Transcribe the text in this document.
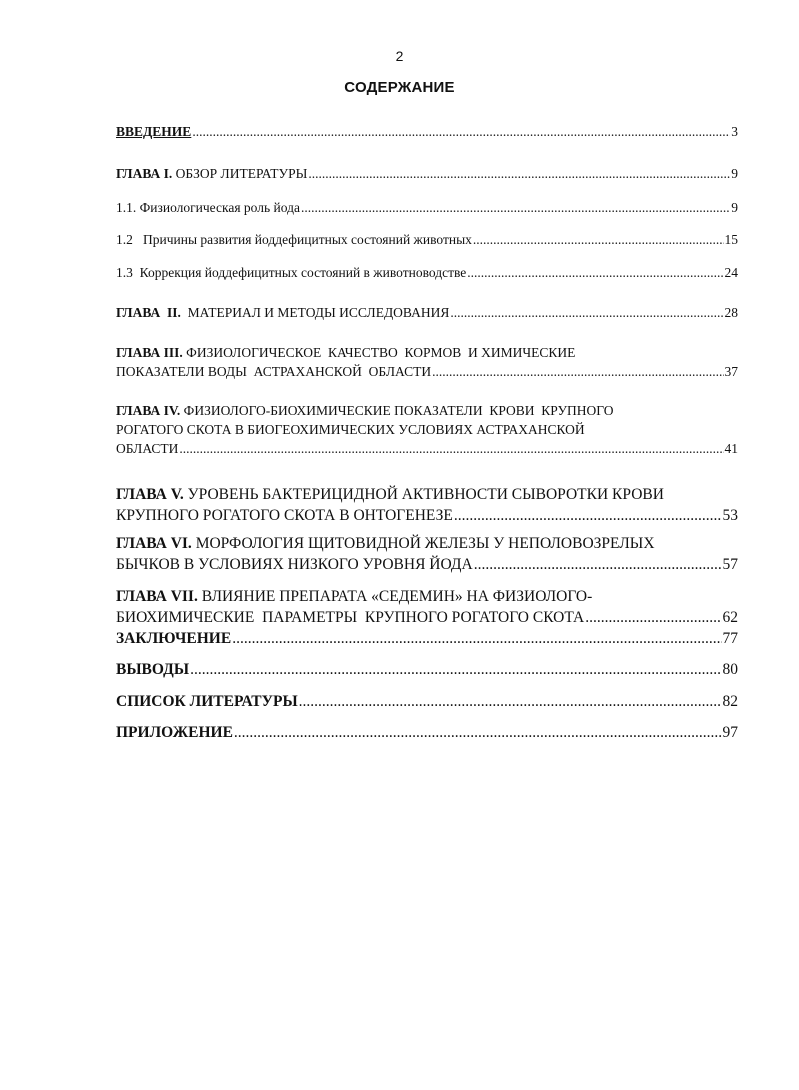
2
СОДЕРЖАНИЕ
ВВЕДЕНИЕ .....	3
ГЛАВА I. ОБЗОР ЛИТЕРАТУРЫ .....	9
1.1. Физиологическая роль йода .....	9
1.2   Причины развития йоддефицитных состояний животных .....	15
1.3  Коррекция йоддефицитных состояний в животноводстве .....	24
ГЛАВА  II.  МАТЕРИАЛ И МЕТОДЫ ИССЛЕДОВАНИЯ .....	28
ГЛАВА III. ФИЗИОЛОГИЧЕСКОЕ  КАЧЕСТВО  КОРМОВ  И ХИМИЧЕСКИЕ
ПОКАЗАТЕЛИ ВОДЫ  АСТРАХАНСКОЙ  ОБЛАСТИ .....	37
ГЛАВА IV. ФИЗИОЛОГО-БИОХИМИЧЕСКИЕ ПОКАЗАТЕЛИ  КРОВИ  КРУПНОГО
РОГАТОГО СКОТА В БИОГЕОХИМИЧЕСКИХ УСЛОВИЯХ АСТРАХАНСКОЙ
ОБЛАСТИ .....	41
ГЛАВА V. УРОВЕНЬ БАКТЕРИЦИДНОЙ АКТИВНОСТИ СЫВОРОТКИ КРОВИ
КРУПНОГО РОГАТОГО СКОТА В ОНТОГЕНЕЗЕ .....	53
ГЛАВА VI. МОРФОЛОГИЯ ЩИТОВИДНОЙ ЖЕЛЕЗЫ У НЕПОЛОВОЗРЕЛЫХ
БЫЧКОВ В УСЛОВИЯХ НИЗКОГО УРОВНЯ ЙОДА .....	57
ГЛАВА VII. ВЛИЯНИЕ ПРЕПАРАТА «СЕДЕМИН» НА ФИЗИОЛОГО-
БИОХИМИЧЕСКИЕ  ПАРАМЕТРЫ  КРУПНОГО РОГАТОГО СКОТА .....	62
ЗАКЛЮЧЕНИЕ .....	77
ВЫВОДЫ .....	80
СПИСОК ЛИТЕРАТУРЫ .....	82
ПРИЛОЖЕНИЕ .....	97
